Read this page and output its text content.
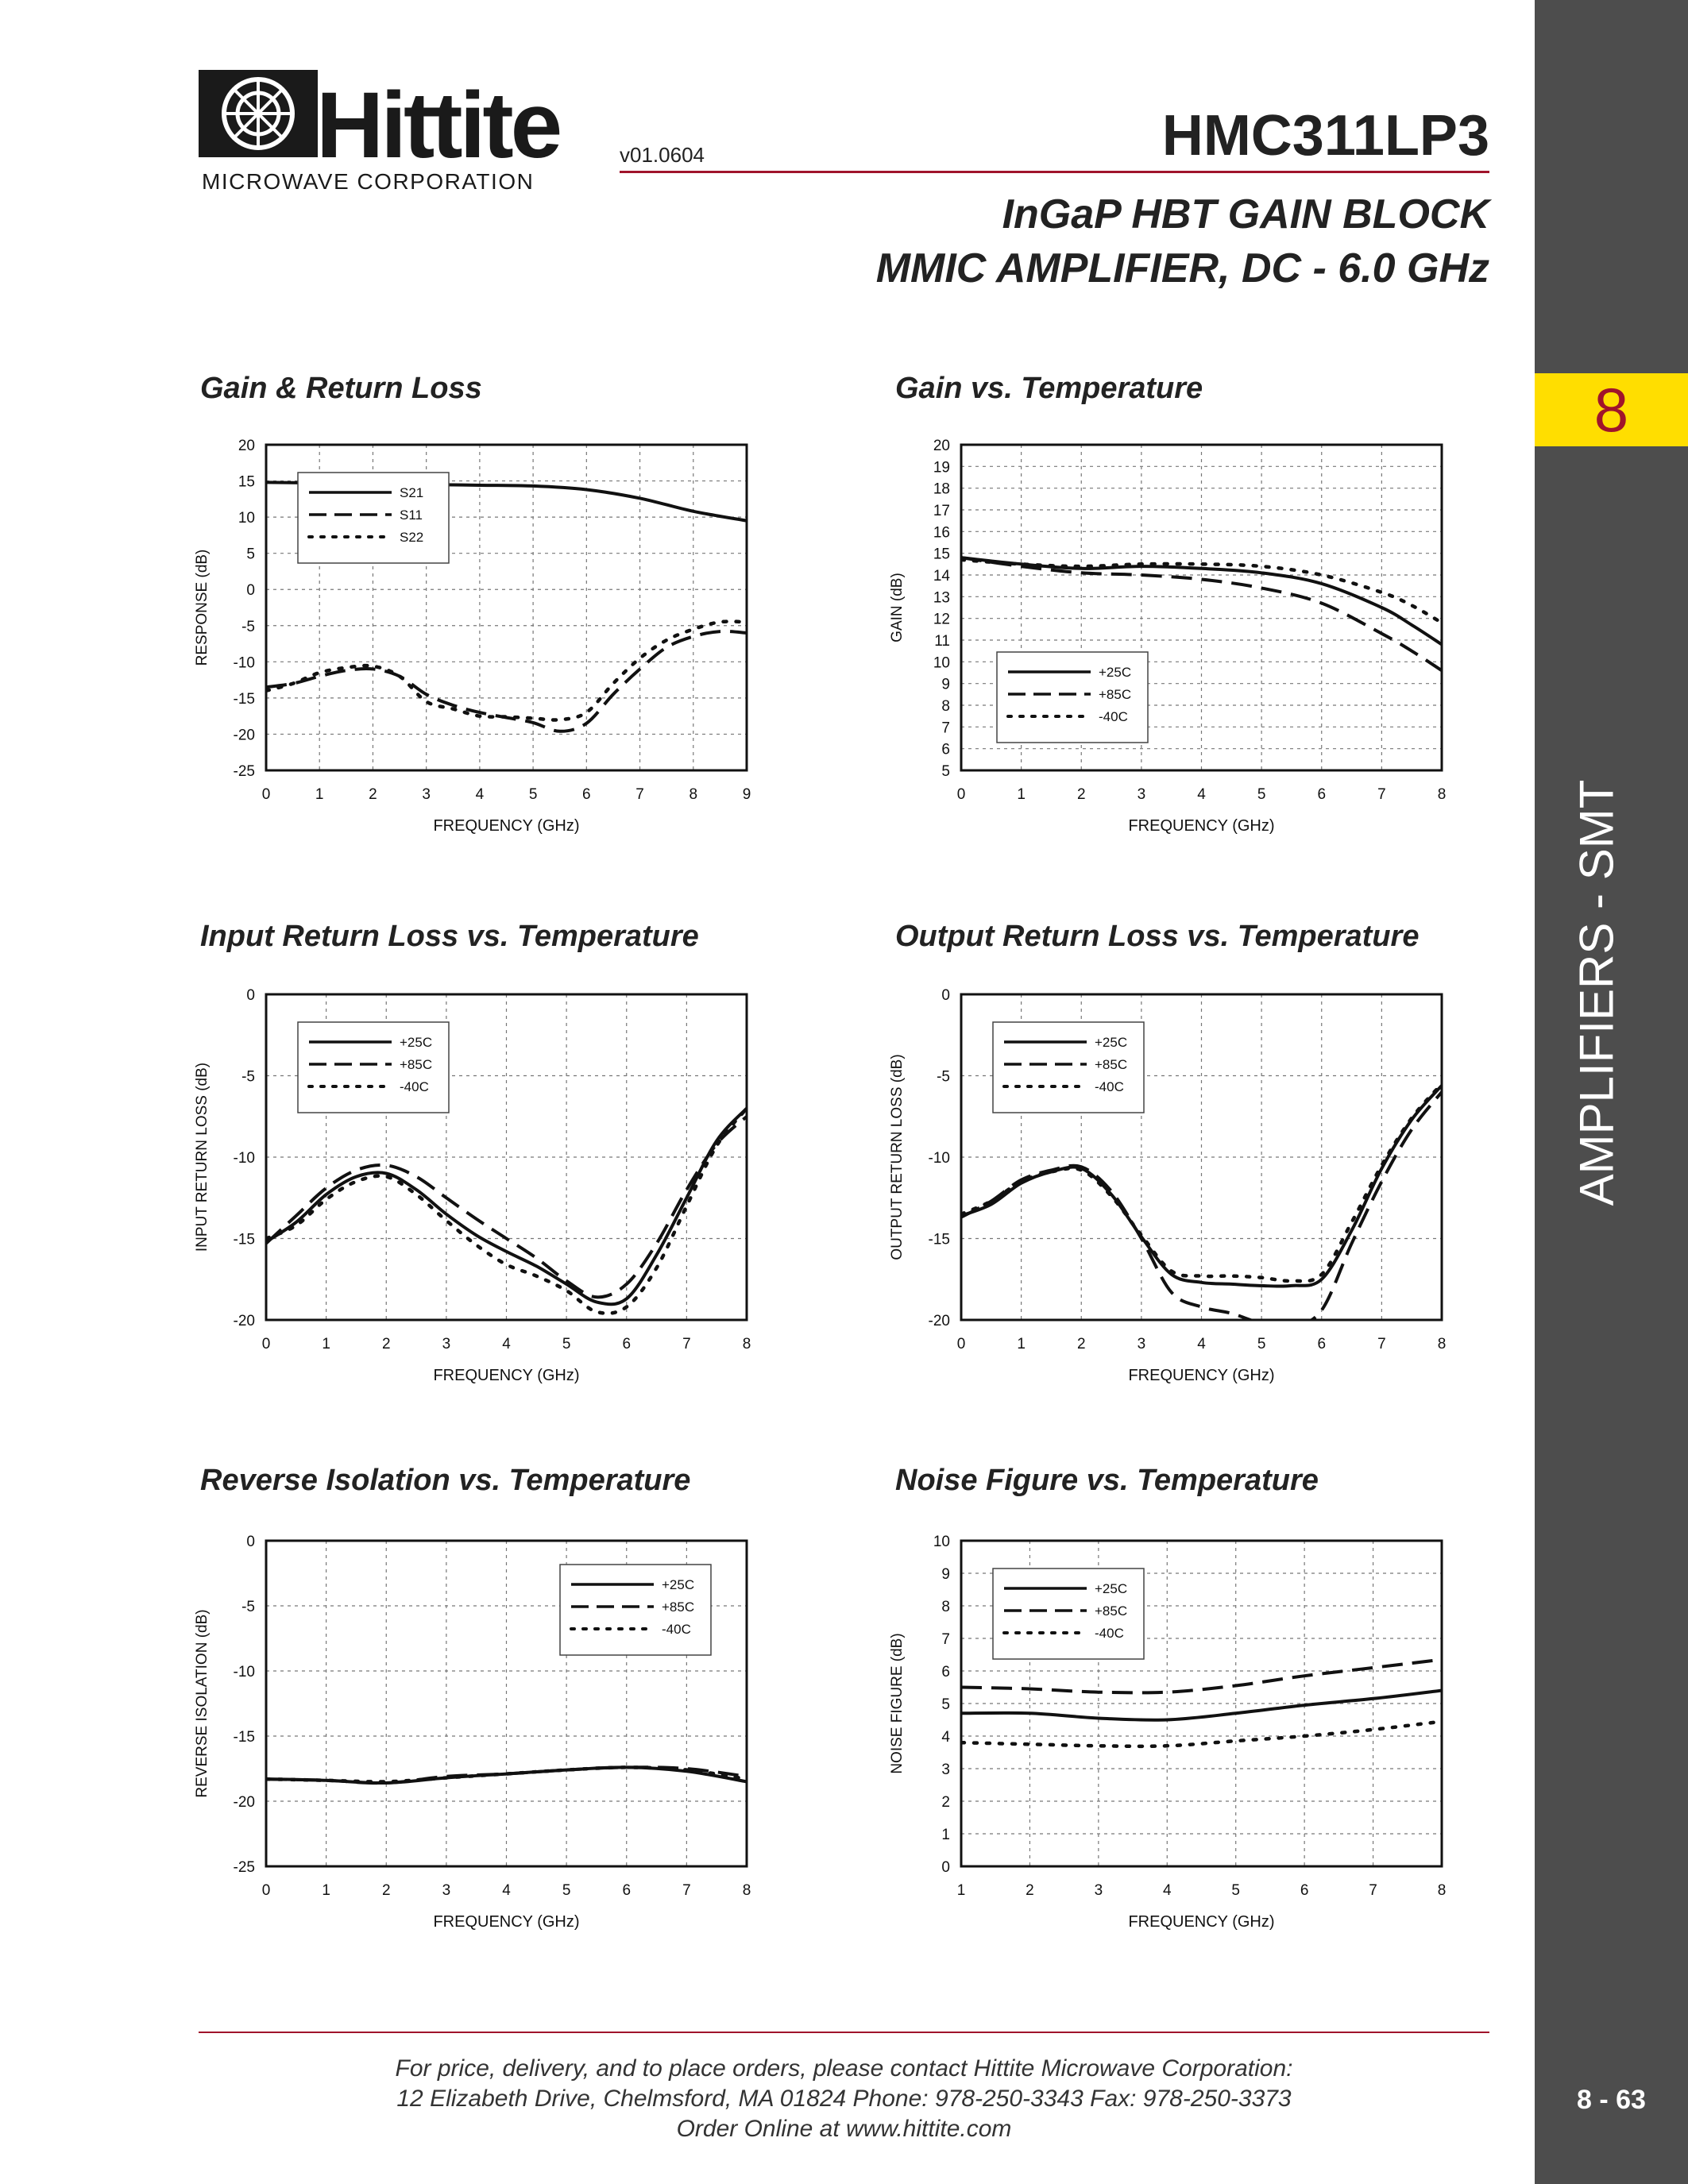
Hittite
MICROWAVE CORPORATION
v01.0604	HMC311LP3
InGaP HBT GAIN BLOCK
MMIC AMPLIFIER, DC - 6.0 GHz
8
AMPLIFIERS - SMT
8 - 63
Gain & Return Loss	Gain vs. Temperature
Input Return Loss vs. Temperature	Output Return Loss vs. Temperature
Reverse Isolation vs. Temperature	Noise Figure vs. Temperature
0	1	2	3	4	5	6	7	8	9
-25
-20
-15
-10
-5
0
5
10
15
20
FREQUENCY (GHz)
RESPONSE (dB)
S21
S11
S22
0	1	2	3	4	5	6	7	8
5
6
7
8
9
10
11
12
13
14
15
16
17
18
19
20
FREQUENCY (GHz)
GAIN (dB)
+25C
+85C
-40C
0	1	2	3	4	5	6	7	8
-20
-15
-10
-5
0
FREQUENCY (GHz)
INPUT RETURN LOSS (dB)
+25C
+85C
-40C
0	1	2	3	4	5	6	7	8
-20
-15
-10
-5
0
FREQUENCY (GHz)
OUTPUT RETURN LOSS (dB)
+25C
+85C
-40C
0	1	2	3	4	5	6	7	8
-25
-20
-15
-10
-5
0
FREQUENCY (GHz)
REVERSE ISOLATION (dB)
+25C
+85C
-40C
1	2	3	4	5	6	7	8
0
1
2
3
4
5
6
7
8
9
10
FREQUENCY (GHz)
NOISE FIGURE (dB)
+25C
+85C
-40C
For price, delivery, and to place orders, please contact Hittite Microwave Corporation:
12 Elizabeth Drive, Chelmsford, MA 01824 Phone: 978-250-3343 Fax: 978-250-3373
Order Online at www.hittite.com
